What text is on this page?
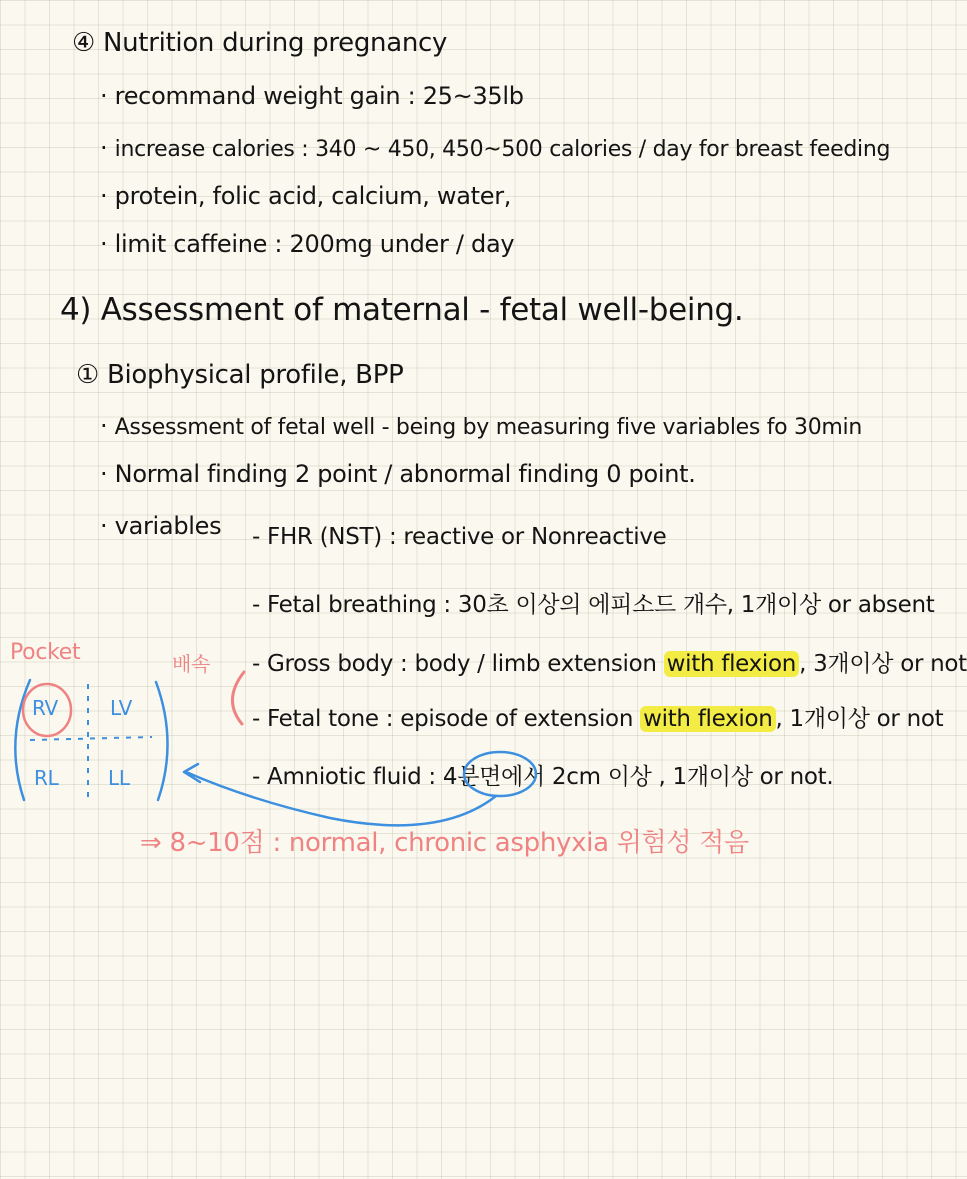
④ Nutrition during pregnancy
· recommand weight gain : 25~35lb
· increase calories : 340 ~ 450, 450~500 calories / day for breast feeding
· protein, folic acid, calcium, water,
· limit caffeine : 200mg under / day
4) Assessment of maternal - fetal well-being.
① Biophysical profile, BPP
· Assessment of fetal well - being by measuring five variables fo 30min
· Normal finding 2 point / abnormal finding 0 point.
· variables - FHR (NST) : reactive or Nonreactive
- Fetal breathing : 30초 이상의 에피소드 개수, 1개이상 or absent
- Gross body : body / limb extension with flexion , 3개이상 or not
- Fetal tone : episode of extension with flexion , 1개이상 or not
- Amniotic fluid : 4분면에서 2cm 이상 , 1개이상 or not.
Pocket	배속
RV	LV
RL LL
⇒ 8~10점 : normal, chronic asphyxia 위험성 적음
